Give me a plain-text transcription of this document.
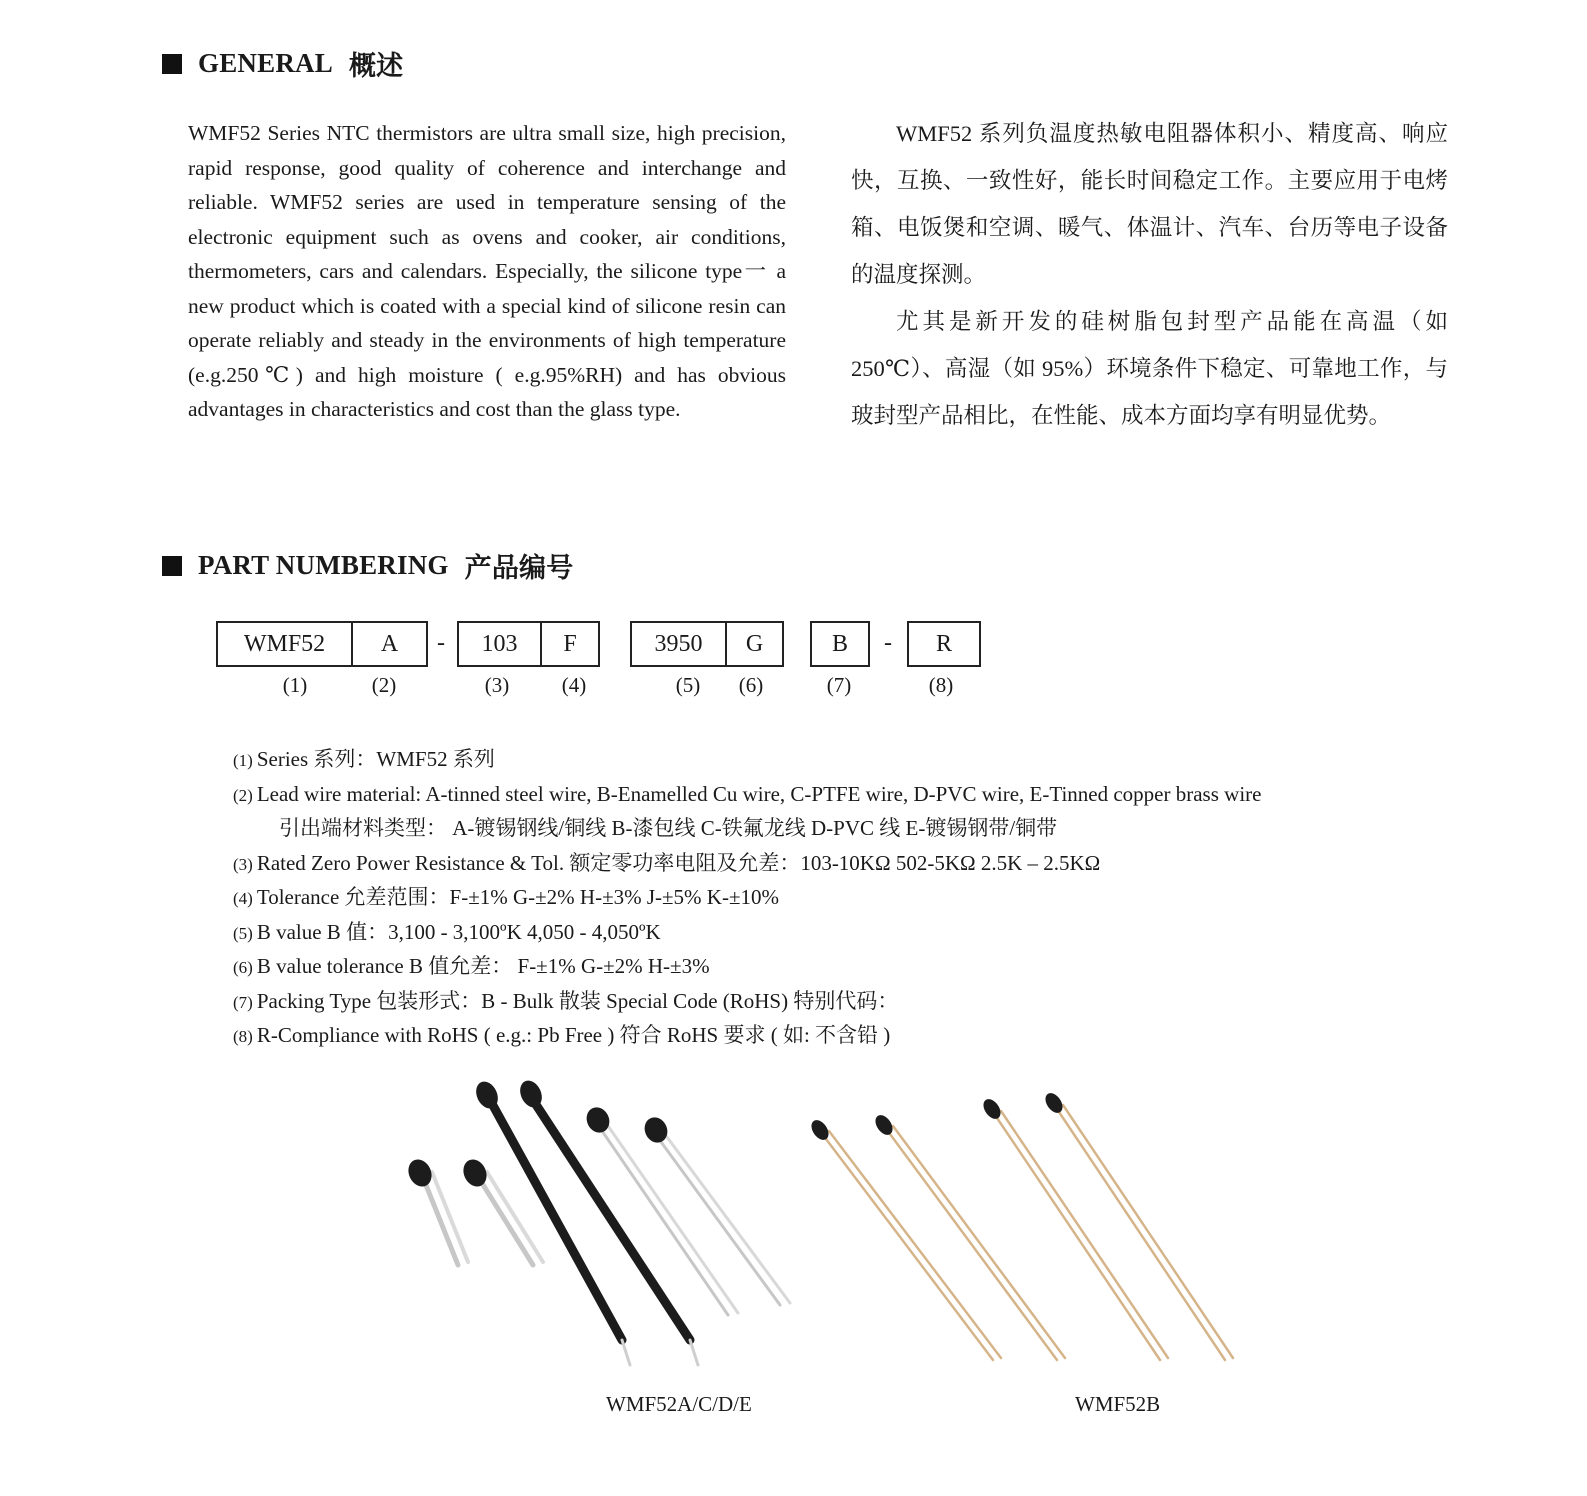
GENERAL 概述
WMF52 Series NTC thermistors are ultra small size, high precision, rapid response, good quality of coherence and interchange and reliable. WMF52 series are used in temperature sensing of the electronic equipment such as ovens and cooker, air conditions, thermometers, cars and calendars. Especially, the silicone type一 a new product which is coated with a special kind of silicone resin can operate reliably and steady in the environments of high temperature (e.g.250℃) and high moisture ( e.g.95%RH) and has obvious advantages in characteristics and cost than the glass type.

WMF52 系列负温度热敏电阻器体积小、精度高、响应快，互换、一致性好，能长时间稳定工作。主要应用于电烤箱、电饭煲和空调、暖气、体温计、汽车、台历等电子设备的温度探测。

尤其是新开发的硅树脂包封型产品能在高温（如250℃）、高湿（如 95%）环境条件下稳定、可靠地工作，与玻封型产品相比，在性能、成本方面均享有明显优势。

PART NUMBERING 产品编号
WMF52	A	-	103	F	3950	G	B	-	R
(1)	(2)	(3)	(4)	(5)	(6)	(7)	(8)
(1) Series 系列：WMF52 系列
(2) Lead wire material: A-tinned steel wire, B-Enamelled Cu wire, C-PTFE wire, D-PVC wire, E-Tinned copper brass wire
引出端材料类型： A-镀锡钢线/铜线 B-漆包线 C-铁氟龙线 D-PVC 线 E-镀锡钢带/铜带
(3) Rated Zero Power Resistance & Tol. 额定零功率电阻及允差：103-10KΩ 502-5KΩ 2.5K – 2.5KΩ
(4) Tolerance 允差范围：F-±1% G-±2% H-±3% J-±5% K-±10%
(5) B value B 值：3,100 - 3,100ºK 4,050 - 4,050ºK
(6) B value tolerance B 值允差： F-±1% G-±2% H-±3%
(7) Packing Type 包装形式：B - Bulk 散装 Special Code (RoHS) 特别代码：
(8) R-Compliance with RoHS ( e.g.: Pb Free ) 符合 RoHS 要求 ( 如: 不含铅 )
WMF52A/C/D/E	WMF52B
